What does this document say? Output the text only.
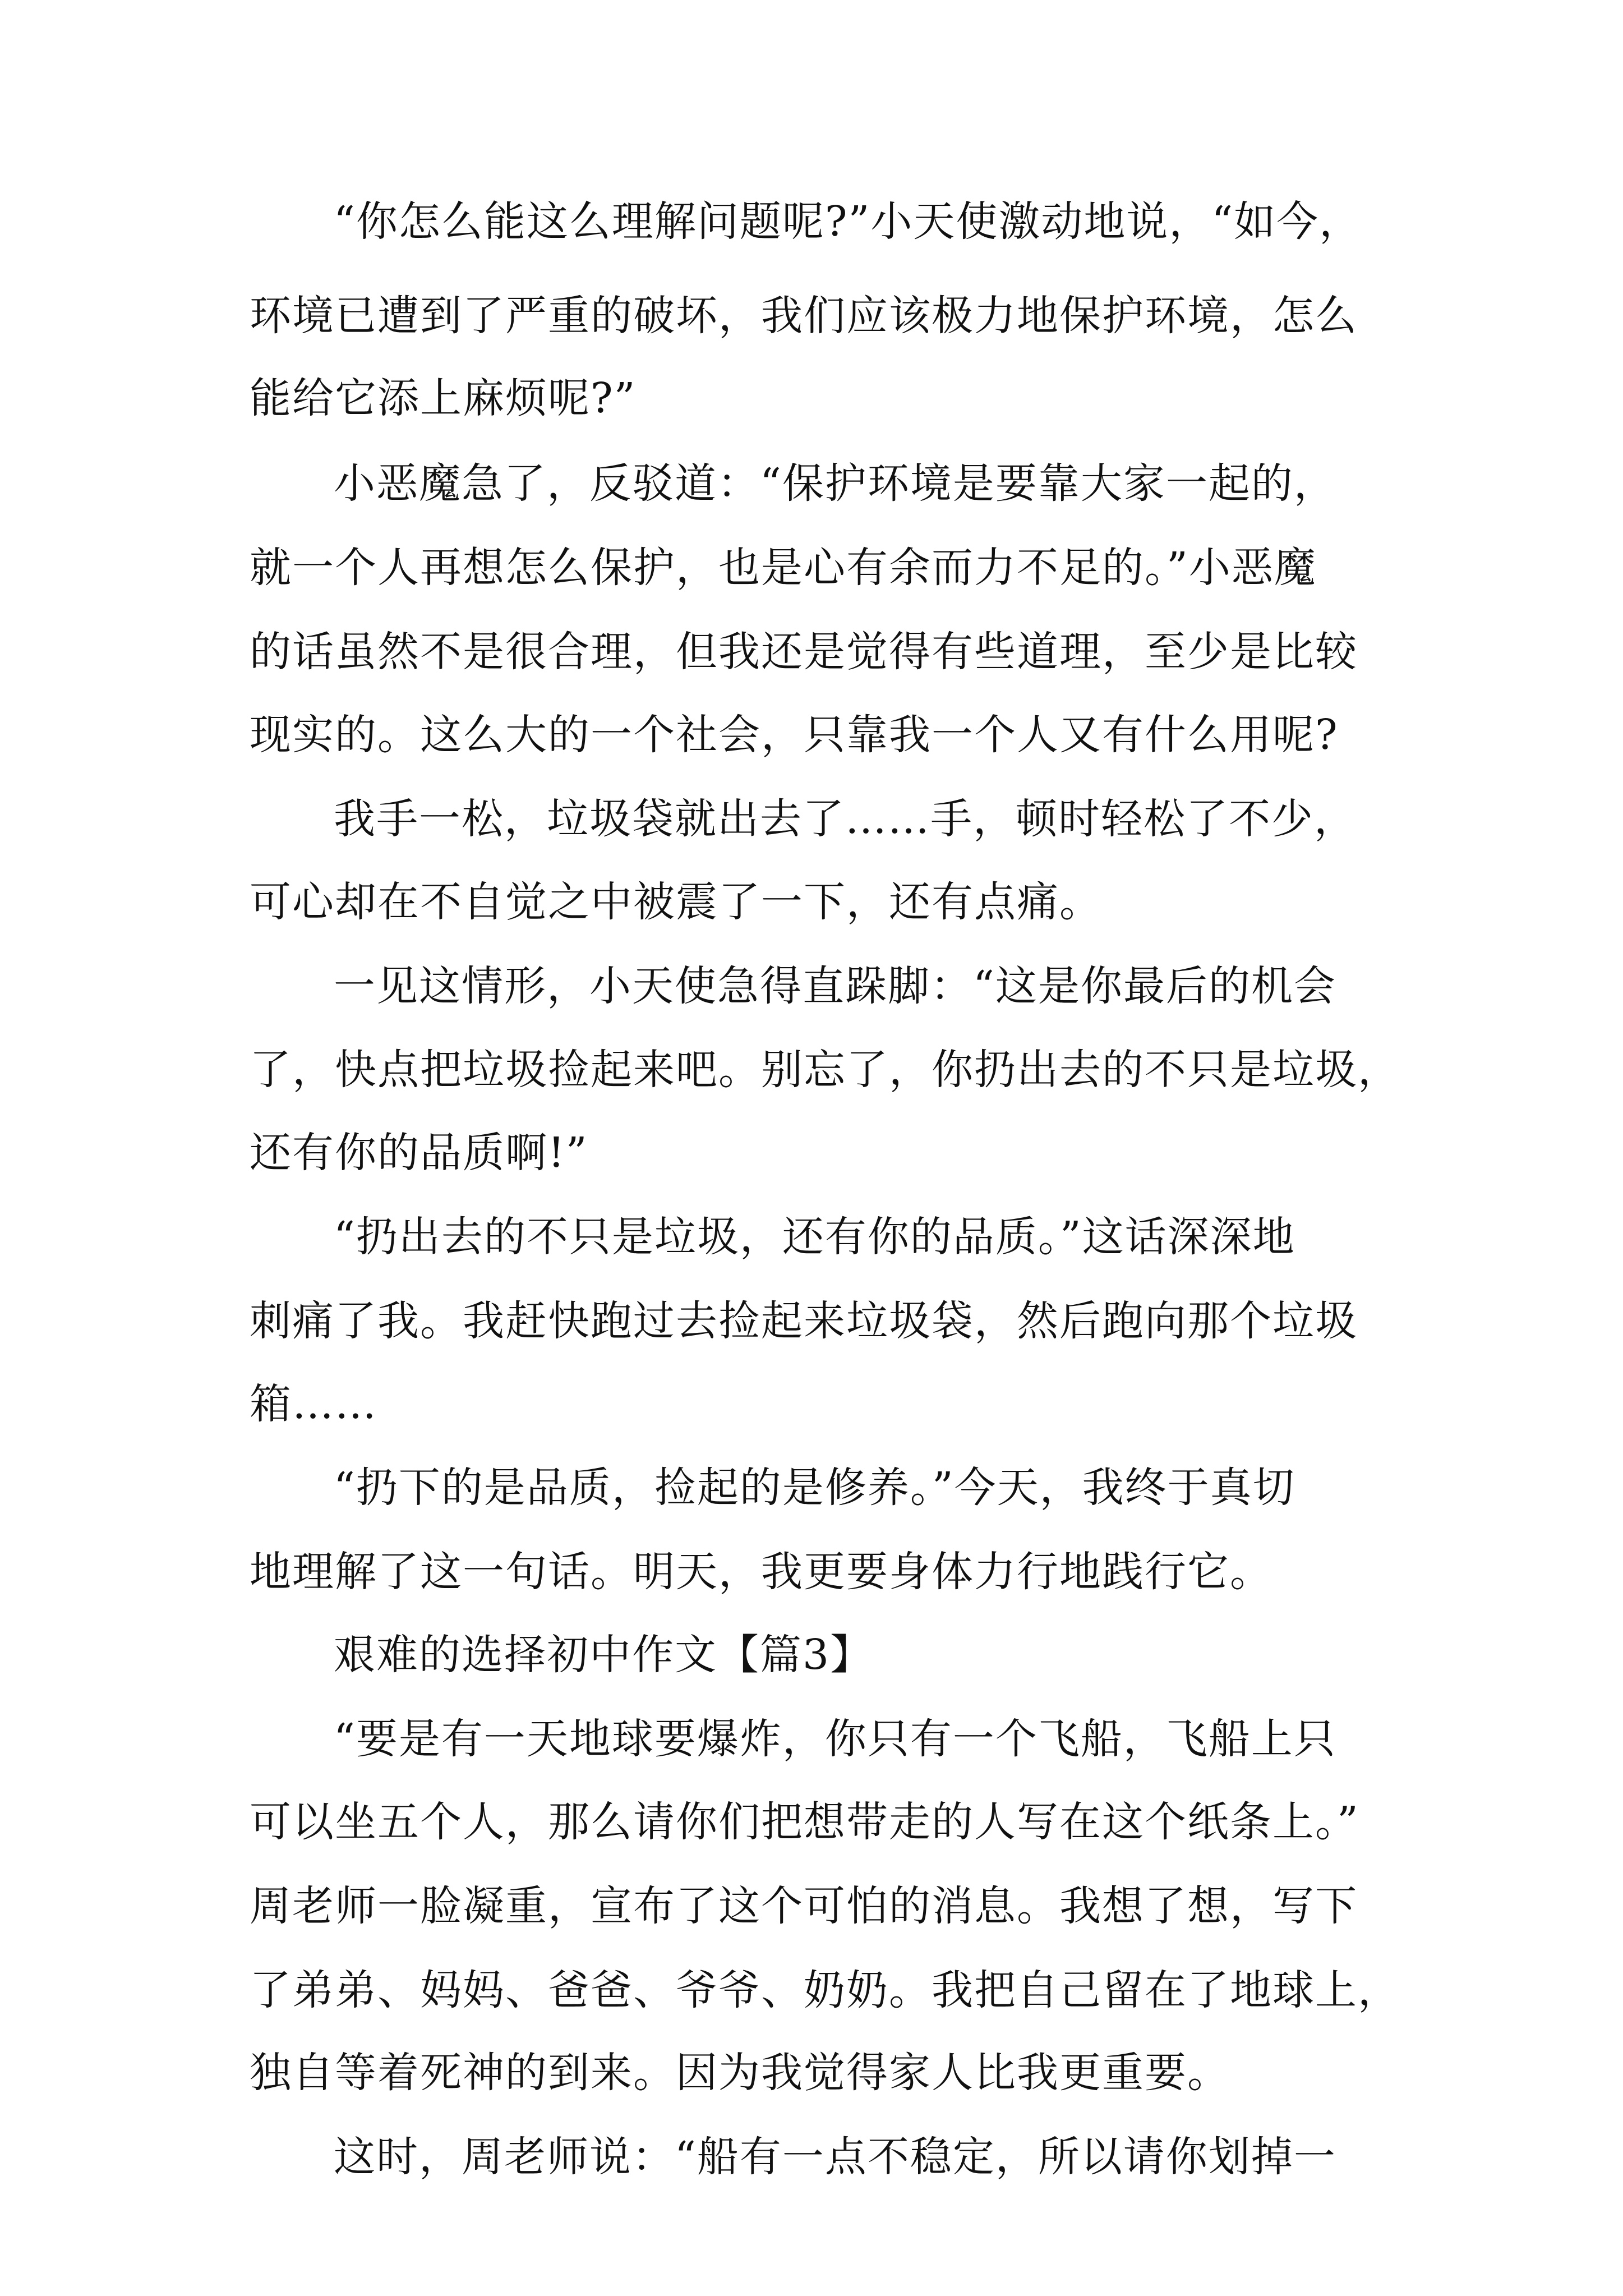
“你怎么能这么理解问题呢?”小天使激动地说，“如今，
环境已遭到了严重的破坏，我们应该极力地保护环境，怎么
能给它添上麻烦呢?”
小恶魔急了，反驳道：“保护环境是要靠大家一起的，
就一个人再想怎么保护，也是心有余而力不足的。”小恶魔
的话虽然不是很合理，但我还是觉得有些道理，至少是比较
现实的。这么大的一个社会，只靠我一个人又有什么用呢?
我手一松，垃圾袋就出去了……手，顿时轻松了不少，
可心却在不自觉之中被震了一下，还有点痛。
一见这情形，小天使急得直跺脚：“这是你最后的机会
了，快点把垃圾捡起来吧。别忘了，你扔出去的不只是垃圾，
还有你的品质啊!”
“扔出去的不只是垃圾，还有你的品质。”这话深深地
刺痛了我。我赶快跑过去捡起来垃圾袋，然后跑向那个垃圾
箱……
“扔下的是品质，捡起的是修养。”今天，我终于真切
地理解了这一句话。明天，我更要身体力行地践行它。
艰难的选择初中作文【篇3】
“要是有一天地球要爆炸，你只有一个飞船，飞船上只
可以坐五个人，那么请你们把想带走的人写在这个纸条上。”
周老师一脸凝重，宣布了这个可怕的消息。我想了想，写下
了弟弟、妈妈、爸爸、爷爷、奶奶。我把自己留在了地球上，
独自等着死神的到来。因为我觉得家人比我更重要。
这时，周老师说：“船有一点不稳定，所以请你划掉一
